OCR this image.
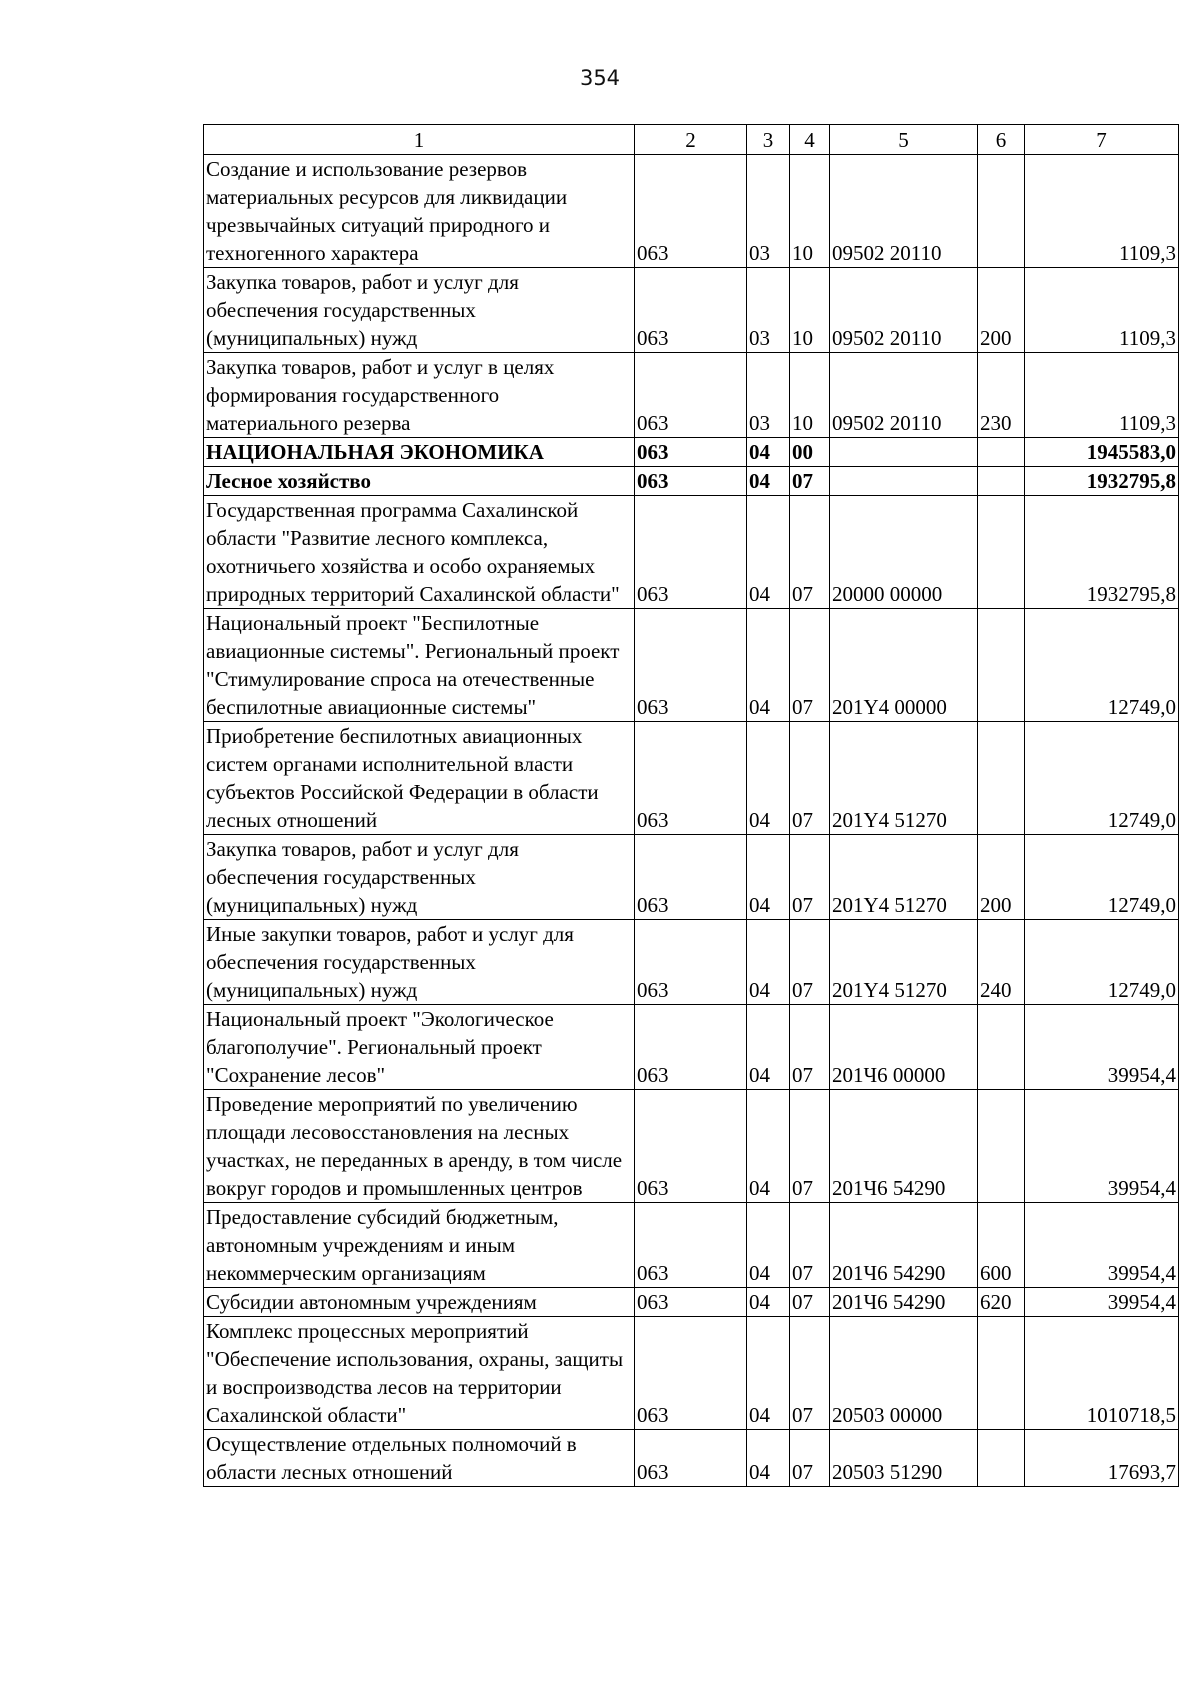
354
1	2	3	4	5	6	7
Создание и использование резервов материальных ресурсов для ликвидации чрезвычайных ситуаций природного и техногенного характера	063	03	10	09502 20110		1109,3
Закупка товаров, работ и услуг для обеспечения государственных (муниципальных) нужд	063	03	10	09502 20110	200	1109,3
Закупка товаров, работ и услуг в целях формирования государственного материального резерва	063	03	10	09502 20110	230	1109,3
НАЦИОНАЛЬНАЯ ЭКОНОМИКА	063	04	00			1945583,0
Лесное хозяйство	063	04	07			1932795,8
Государственная программа Сахалинской области "Развитие лесного комплекса, охотничьего хозяйства и особо охраняемых природных территорий Сахалинской области"	063	04	07	20000 00000		1932795,8
Национальный проект "Беспилотные авиационные системы". Региональный проект "Стимулирование спроса на отечественные беспилотные авиационные системы"	063	04	07	201Y4 00000		12749,0
Приобретение беспилотных авиационных систем органами исполнительной власти субъектов Российской Федерации в области лесных отношений	063	04	07	201Y4 51270		12749,0
Закупка товаров, работ и услуг для обеспечения государственных (муниципальных) нужд	063	04	07	201Y4 51270	200	12749,0
Иные закупки товаров, работ и услуг для обеспечения государственных (муниципальных) нужд	063	04	07	201Y4 51270	240	12749,0
Национальный проект "Экологическое благополучие". Региональный проект "Сохранение лесов"	063	04	07	201Ч6 00000		39954,4
Проведение мероприятий по увеличению площади лесовосстановления на лесных участках, не переданных в аренду, в том числе вокруг городов и промышленных центров	063	04	07	201Ч6 54290		39954,4
Предоставление субсидий бюджетным, автономным учреждениям и иным некоммерческим организациям	063	04	07	201Ч6 54290	600	39954,4
Субсидии автономным учреждениям	063	04	07	201Ч6 54290	620	39954,4
Комплекс процессных мероприятий "Обеспечение использования, охраны, защиты и воспроизводства лесов на территории Сахалинской области"	063	04	07	20503 00000		1010718,5
Осуществление отдельных полномочий в области лесных отношений	063	04	07	20503 51290		17693,7
